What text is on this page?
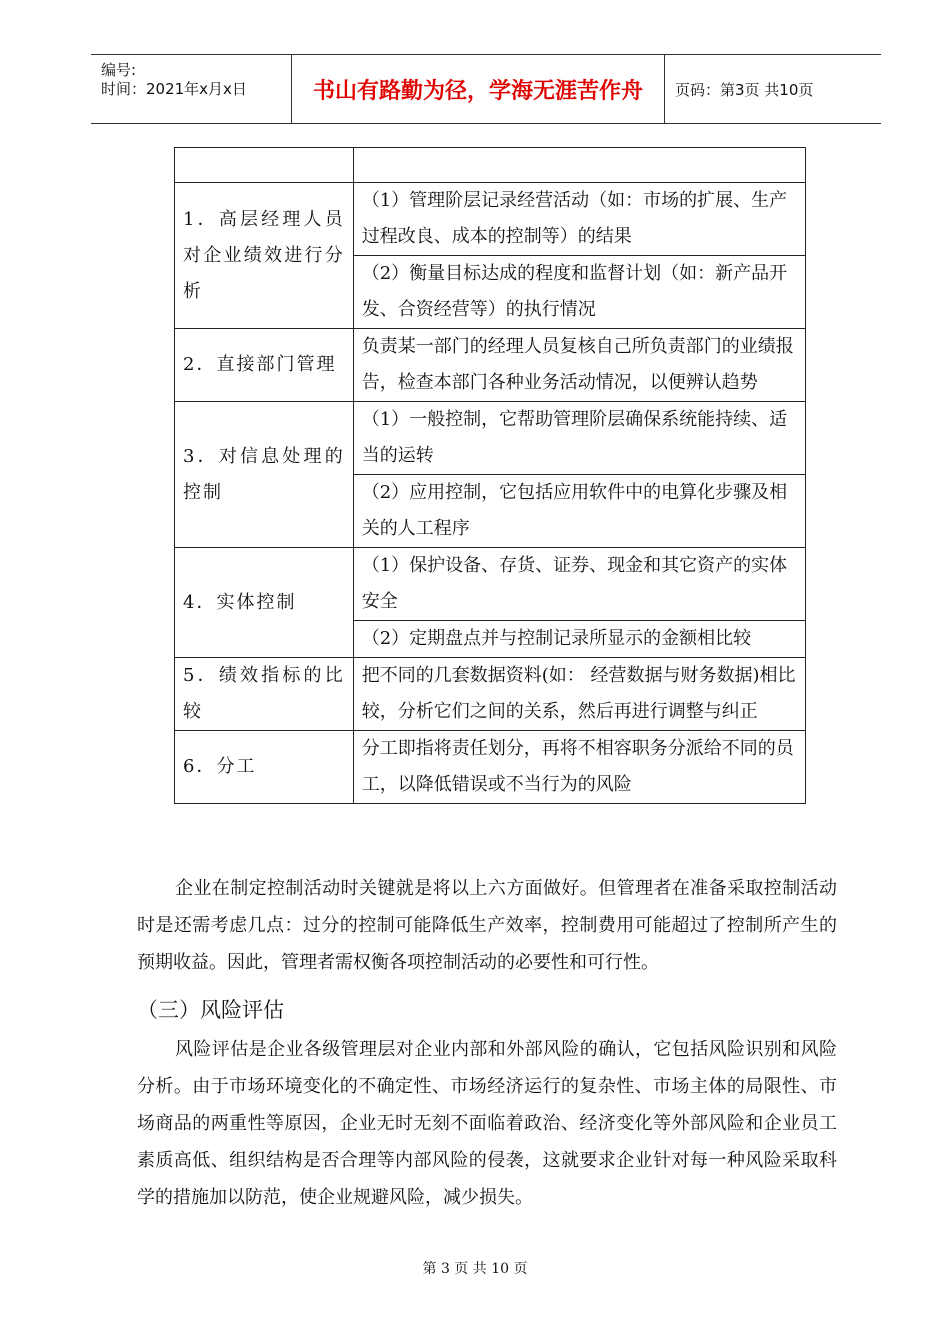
编号:
时间：2021年x月x日	书山有路勤为径，学海无涯苦作舟	页码：第3页 共10页

1．高层经理人员对企业绩效进行分析	（1）管理阶层记录经营活动（如：市场的扩展、生产过程改良、成本的控制等）的结果
	（2）衡量目标达成的程度和监督计划（如：新产品开发、合资经营等）的执行情况
2．直接部门管理	负责某一部门的经理人员复核自己所负责部门的业绩报告，检查本部门各种业务活动情况，以便辨认趋势
3．对信息处理的控制	（1）一般控制，它帮助管理阶层确保系统能持续、适当的运转
	（2）应用控制，它包括应用软件中的电算化步骤及相关的人工程序
4．实体控制	（1）保护设备、存货、证券、现金和其它资产的实体安全
	（2）定期盘点并与控制记录所显示的金额相比较
5．绩效指标的比较	把不同的几套数据资料(如： 经营数据与财务数据)相比较，分析它们之间的关系，然后再进行调整与纠正
6．分工	分工即指将责任划分，再将不相容职务分派给不同的员工，以降低错误或不当行为的风险
企业在制定控制活动时关键就是将以上六方面做好。但管理者在准备采取控制活动时是还需考虑几点：过分的控制可能降低生产效率，控制费用可能超过了控制所产生的预期收益。因此，管理者需权衡各项控制活动的必要性和可行性。
（三）风险评估
风险评估是企业各级管理层对企业内部和外部风险的确认，它包括风险识别和风险分析。由于市场环境变化的不确定性、市场经济运行的复杂性、市场主体的局限性、市场商品的两重性等原因，企业无时无刻不面临着政治、经济变化等外部风险和企业员工素质高低、组织结构是否合理等内部风险的侵袭，这就要求企业针对每一种风险采取科学的措施加以防范，使企业规避风险，减少损失。
第 3 页 共 10 页
